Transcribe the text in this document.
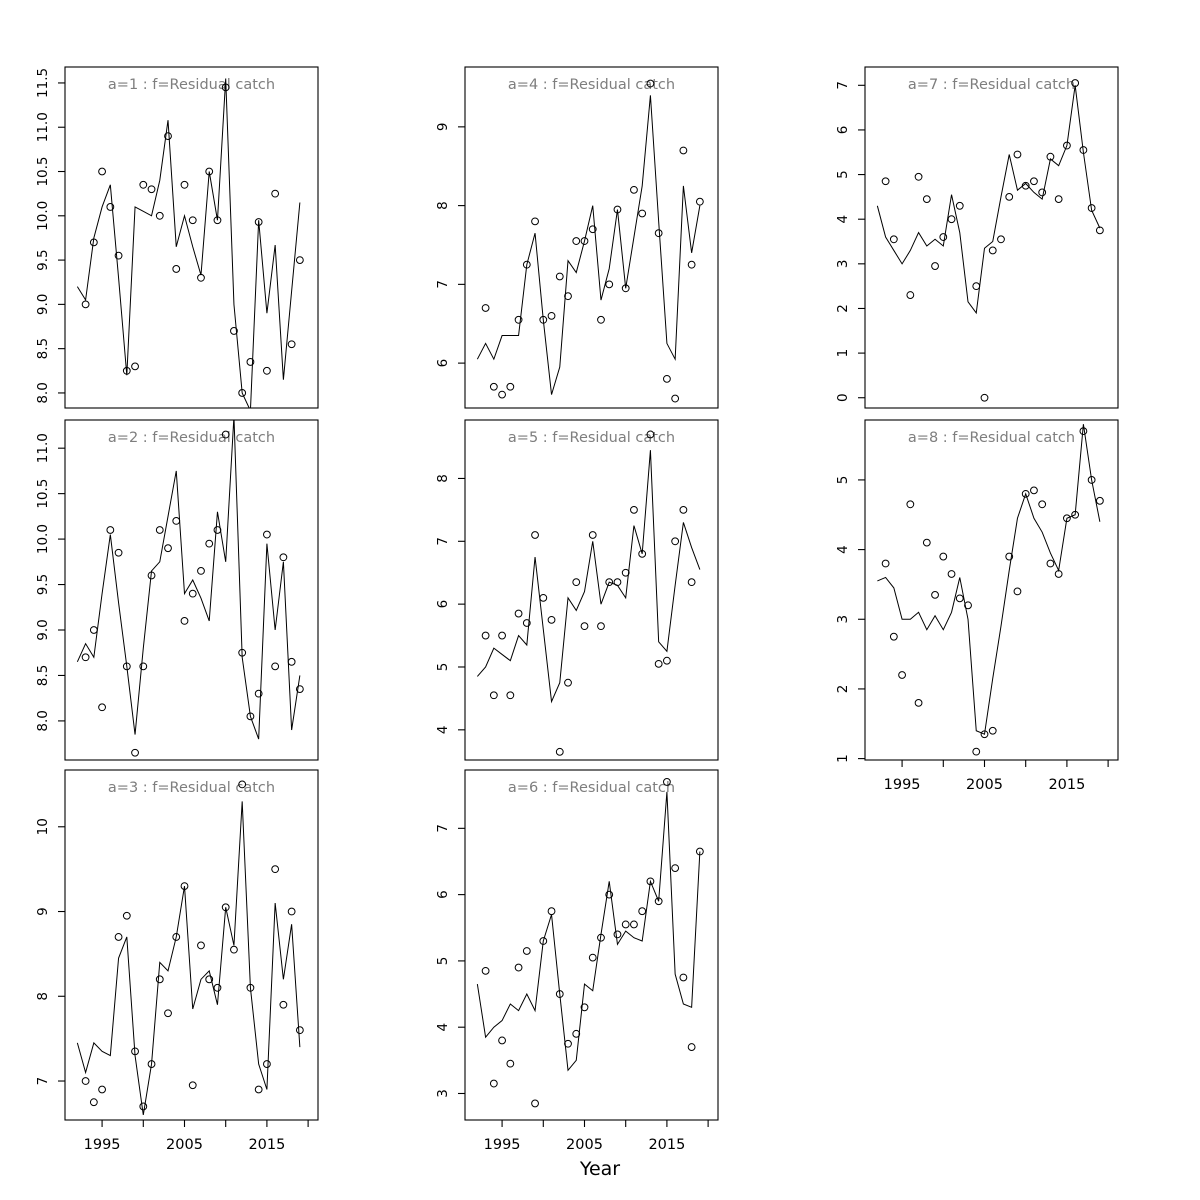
a=1 : f=Residual catch
8.0
8.5
9.0
9.5
10.0
10.5
11.0
11.5
a=2 : f=Residual catch
8.0
8.5
9.0
9.5
10.0
10.5
11.0
a=3 : f=Residual catch
7
8
9
10
1995	2005	2015
a=4 : f=Residual catch
6
7
8
9
a=5 : f=Residual catch
4
5
6
7
8
a=6 : f=Residual catch
3
4
5
6
7
1995	2005	2015
a=7 : f=Residual catch
0
1
2
3
4
5
6
7
a=8 : f=Residual catch
1
2
3
4
5
1995	2005	2015
Year
